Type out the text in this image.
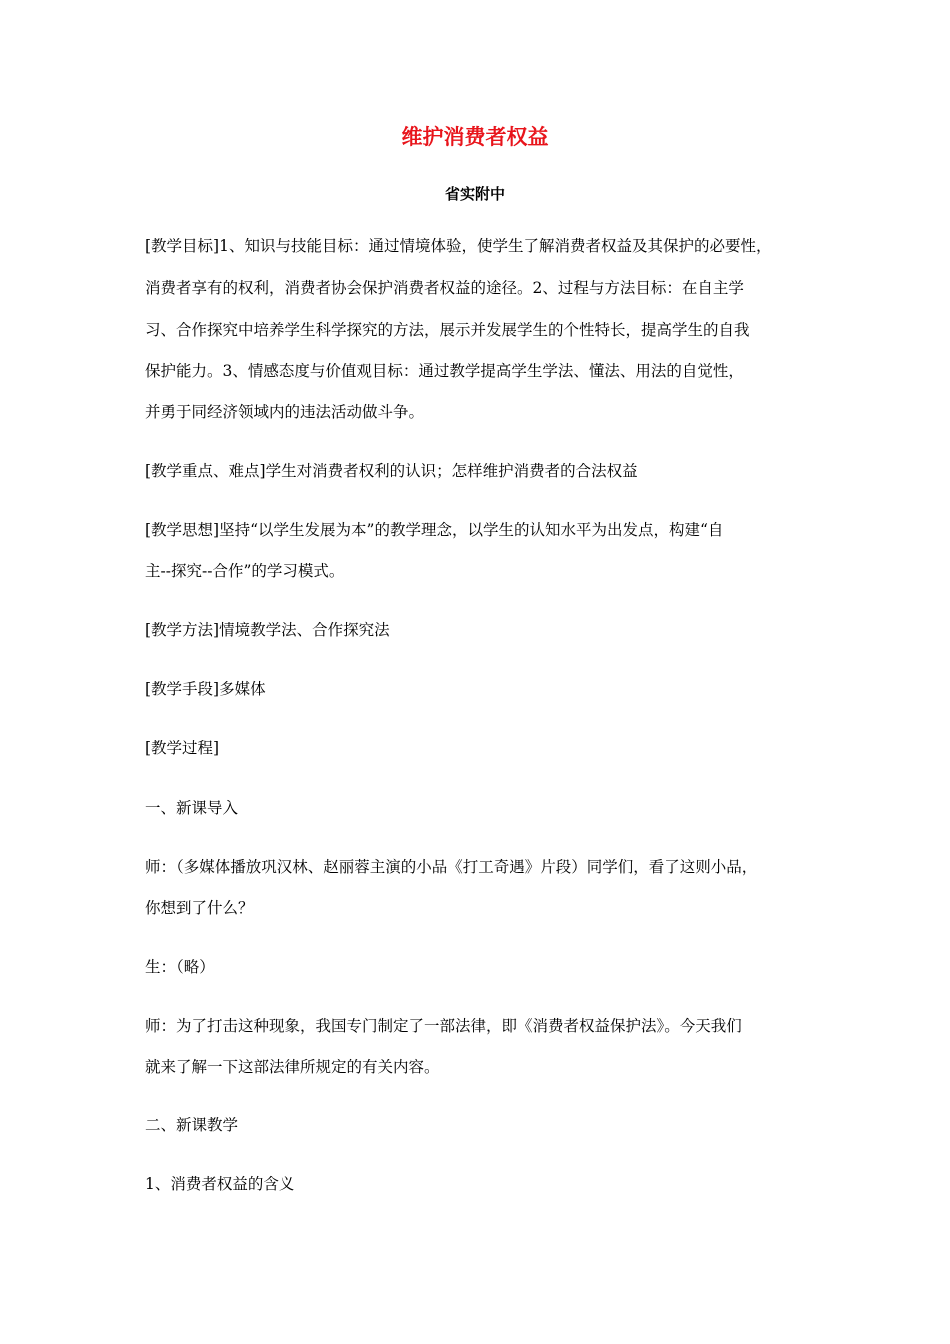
维护消费者权益
省实附中

[教学目标]1、知识与技能目标：通过情境体验，使学生了解消费者权益及其保护的必要性，

消费者享有的权利，消费者协会保护消费者权益的途径。2、过程与方法目标：在自主学

习、合作探究中培养学生科学探究的方法，展示并发展学生的个性特长，提高学生的自我

保护能力。3、情感态度与价值观目标：通过教学提高学生学法、懂法、用法的自觉性，

并勇于同经济领域内的违法活动做斗争。

[教学重点、难点]学生对消费者权利的认识；怎样维护消费者的合法权益

[教学思想]坚持“以学生发展为本”的教学理念，以学生的认知水平为出发点，构建“自

主--探究--合作”的学习模式。

[教学方法]情境教学法、合作探究法

[教学手段]多媒体

[教学过程]

一、新课导入

师：（多媒体播放巩汉林、赵丽蓉主演的小品《打工奇遇》片段）同学们，看了这则小品，

你想到了什么？

生：（略）

师：为了打击这种现象，我国专门制定了一部法律，即《消费者权益保护法》。今天我们

就来了解一下这部法律所规定的有关内容。

二、新课教学

1、消费者权益的含义
